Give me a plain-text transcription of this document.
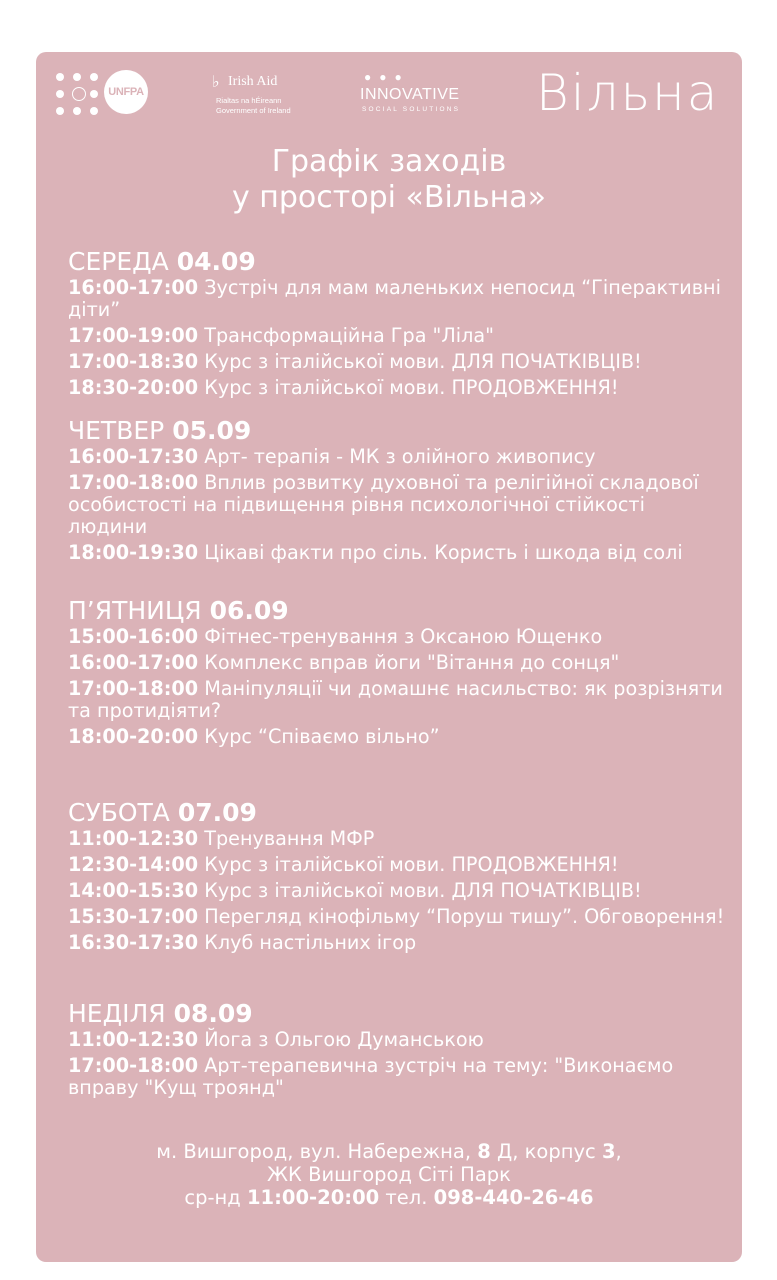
UNFPA
♭ Irish Aid
Rialtas na hÉireann
Government of Ireland
●●●
INNOVATIVE
SOCIAL SOLUTIONS Вільна
Графік заходів
у просторі «Вільна»
СЕРЕДА 04.09
16:00-17:00 Зустріч для мам маленьких непосид “Гіперактивні діти”
17:00-19:00 Трансформаційна Гра "Ліла"
17:00-18:30 Курс з італійської мови. ДЛЯ ПОЧАТКІВЦІВ!
18:30-20:00 Курс з італійської мови. ПРОДОВЖЕННЯ!
ЧЕТВЕР 05.09
16:00-17:30 Арт- терапія - МК з олійного живопису
17:00-18:00 Вплив розвитку духовної та релігійної складової особистості на підвищення рівня психологічної стійкості людини
18:00-19:30 Цікаві факти про сіль. Користь і шкода від солі
П’ЯТНИЦЯ 06.09
15:00-16:00 Фітнес-тренування з Оксаною Ющенко
16:00-17:00 Комплекс вправ йоги "Вітання до сонця"
17:00-18:00 Маніпуляції чи домашнє насильство: як розрізняти та протидіяти?
18:00-20:00 Курс “Співаємо вільно”
СУБОТА 07.09
11:00-12:30 Тренування МФР
12:30-14:00 Курс з італійської мови. ПРОДОВЖЕННЯ!
14:00-15:30 Курс з італійської мови. ДЛЯ ПОЧАТКІВЦІВ!
15:30-17:00 Перегляд кінофільму “Поруш тишу”. Обговорення!
16:30-17:30 Клуб настільних ігор
НЕДІЛЯ 08.09
11:00-12:30 Йога з Ольгою Думанською
17:00-18:00 Арт-терапевична зустріч на тему: "Виконаємо вправу "Кущ троянд"
м. Вишгород, вул. Набережна, 8 Д, корпус 3,
ЖК Вишгород Сіті Парк
ср-нд 11:00-20:00 тел. 098-440-26-46
